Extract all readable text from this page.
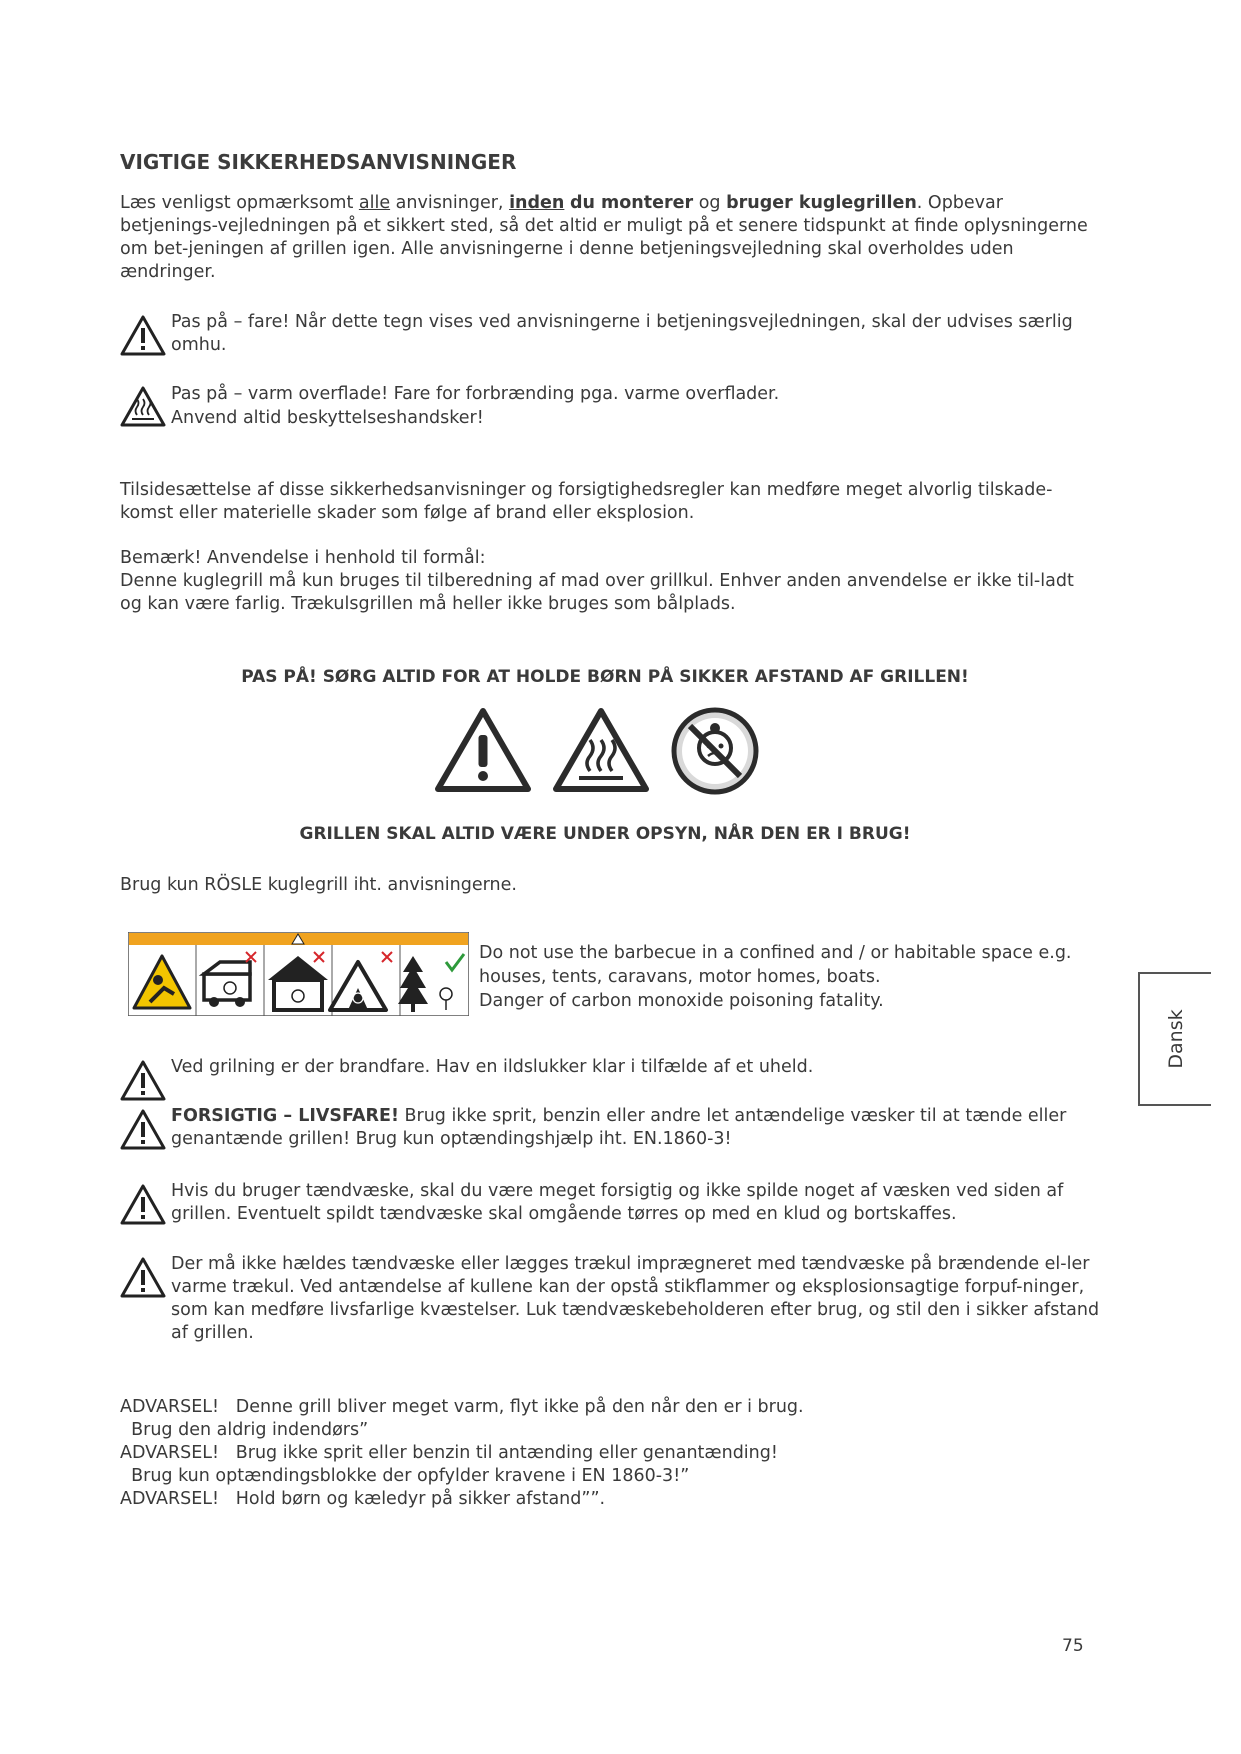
VIGTIGE SIKKERHEDSANVISNINGER

Læs venligst opmærksomt alle anvisninger, inden du monterer og bruger kuglegrillen. Opbevar betjenings-vejledningen på et sikkert sted, så det altid er muligt på et senere tidspunkt at finde oplysningerne om bet-jeningen af grillen igen. Alle anvisningerne i denne betjeningsvejledning skal overholdes uden ændringer.

Pas på – fare! Når dette tegn vises ved anvisningerne i betjeningsvejledningen, skal der udvises særlig omhu.
Pas på – varm overflade! Fare for forbrænding pga. varme overflader.
Anvend altid beskyttelseshandsker!

Tilsidesættelse af disse sikkerhedsanvisninger og forsigtighedsregler kan medføre meget alvorlig tilskade-komst eller materielle skader som følge af brand eller eksplosion.

Bemærk! Anvendelse i henhold til formål:

Denne kuglegrill må kun bruges til tilberedning af mad over grillkul. Enhver anden anvendelse er ikke til-ladt og kan være farlig. Trækulsgrillen må heller ikke bruges som bålplads.

PAS PÅ! SØRG ALTID FOR AT HOLDE BØRN PÅ SIKKER AFSTAND AF GRILLEN!
GRILLEN SKAL ALTID VÆRE UNDER OPSYN, NÅR DEN ER I BRUG!

Brug kun RÖSLE kuglegrill iht. anvisningerne.

Do not use the barbecue in a confined and / or habitable space e.g.
houses, tents, caravans, motor homes, boats.
Danger of carbon monoxide poisoning fatality.
Ved grilning er der brandfare. Hav en ildslukker klar i tilfælde af et uheld.
FORSIGTIG – LIVSFARE! Brug ikke sprit, benzin eller andre let antændelige væsker til at tænde eller genantænde grillen! Brug kun optændingshjælp iht. EN.1860-3!
Hvis du bruger tændvæske, skal du være meget forsigtig og ikke spilde noget af væsken ved siden af grillen. Eventuelt spildt tændvæske skal omgående tørres op med en klud og bortskaffes.
Der må ikke hældes tændvæske eller lægges trækul imprægneret med tændvæske på brændende el-ler varme trækul. Ved antændelse af kullene kan der opstå stikflammer og eksplosionsagtige forpuf-ninger, som kan medføre livsfarlige kvæstelser. Luk tændvæskebeholderen efter brug, og stil den i sikker afstand af grillen.
ADVARSEL!   Denne grill bliver meget varm, flyt ikke på den når den er i brug.
Brug den aldrig indendørs”
ADVARSEL!   Brug ikke sprit eller benzin til antænding eller genantænding!
Brug kun optændingsblokke der opfylder kravene i EN 1860-3!”
ADVARSEL!   Hold børn og kæledyr på sikker afstand””.
Dansk
75
